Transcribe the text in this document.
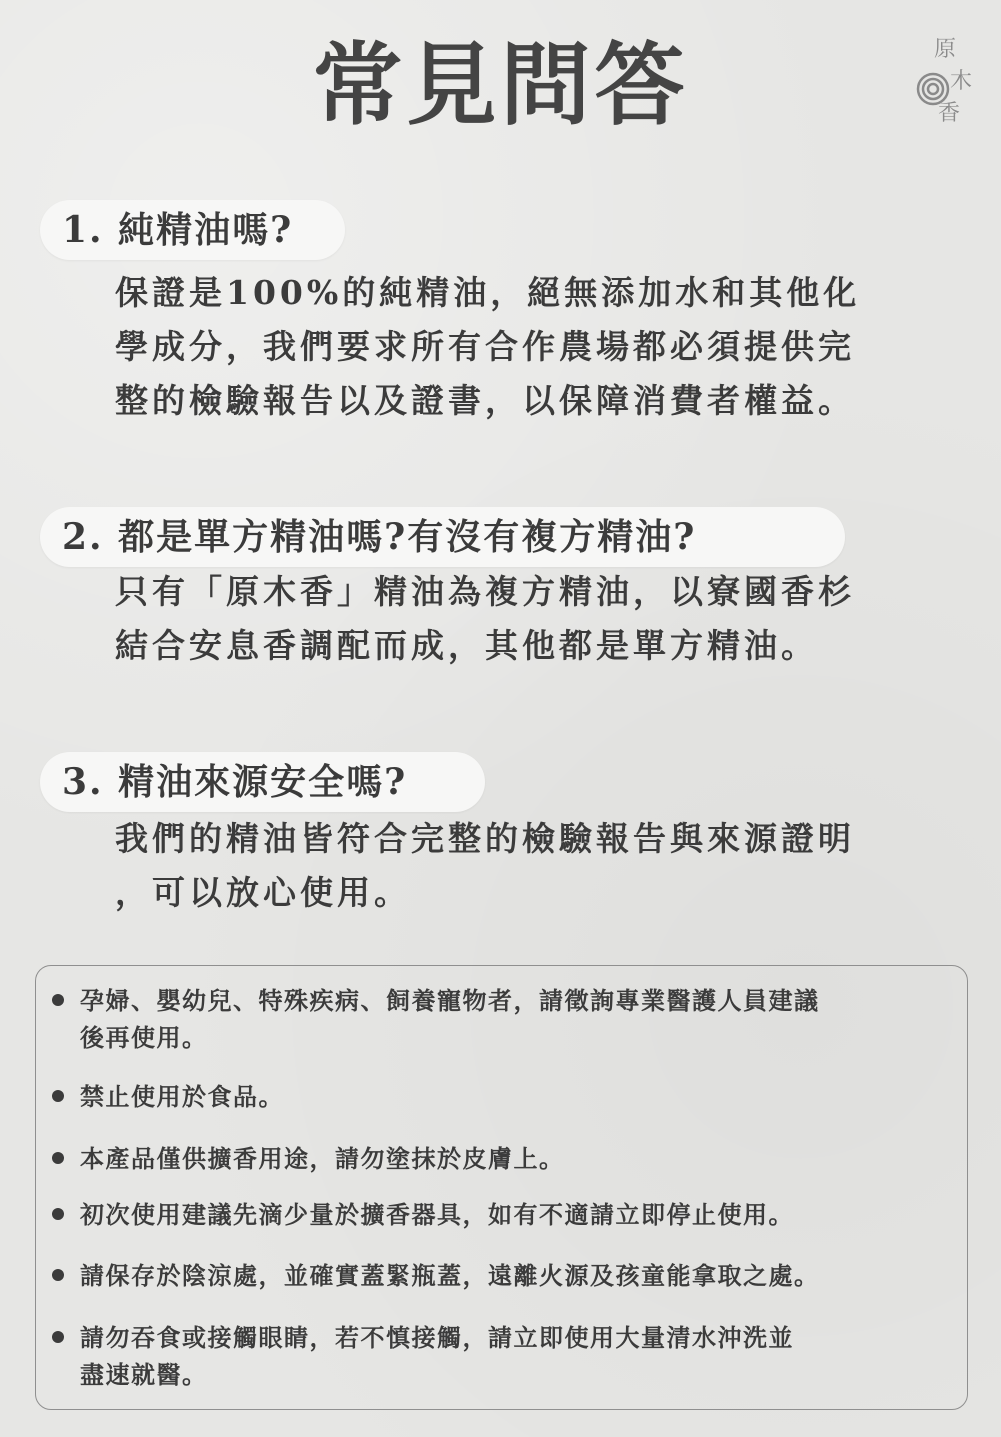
常見問答	原
木
香
1. 純精油嗎?
保證是100%的純精油，絕無添加水和其他化
學成分，我們要求所有合作農場都必須提供完
整的檢驗報告以及證書，以保障消費者權益。
2. 都是單方精油嗎?有沒有複方精油?
只有「原木香」精油為複方精油，以寮國香杉
結合安息香調配而成，其他都是單方精油。
3. 精油來源安全嗎?
我們的精油皆符合完整的檢驗報告與來源證明
，可以放心使用。
孕婦、嬰幼兒、特殊疾病、飼養寵物者，請徵詢專業醫護人員建議
後再使用。
禁止使用於食品。
本產品僅供擴香用途，請勿塗抹於皮膚上。
初次使用建議先滴少量於擴香器具，如有不適請立即停止使用。
請保存於陰涼處，並確實蓋緊瓶蓋，遠離火源及孩童能拿取之處。
請勿吞食或接觸眼睛，若不慎接觸，請立即使用大量清水沖洗並
盡速就醫。
